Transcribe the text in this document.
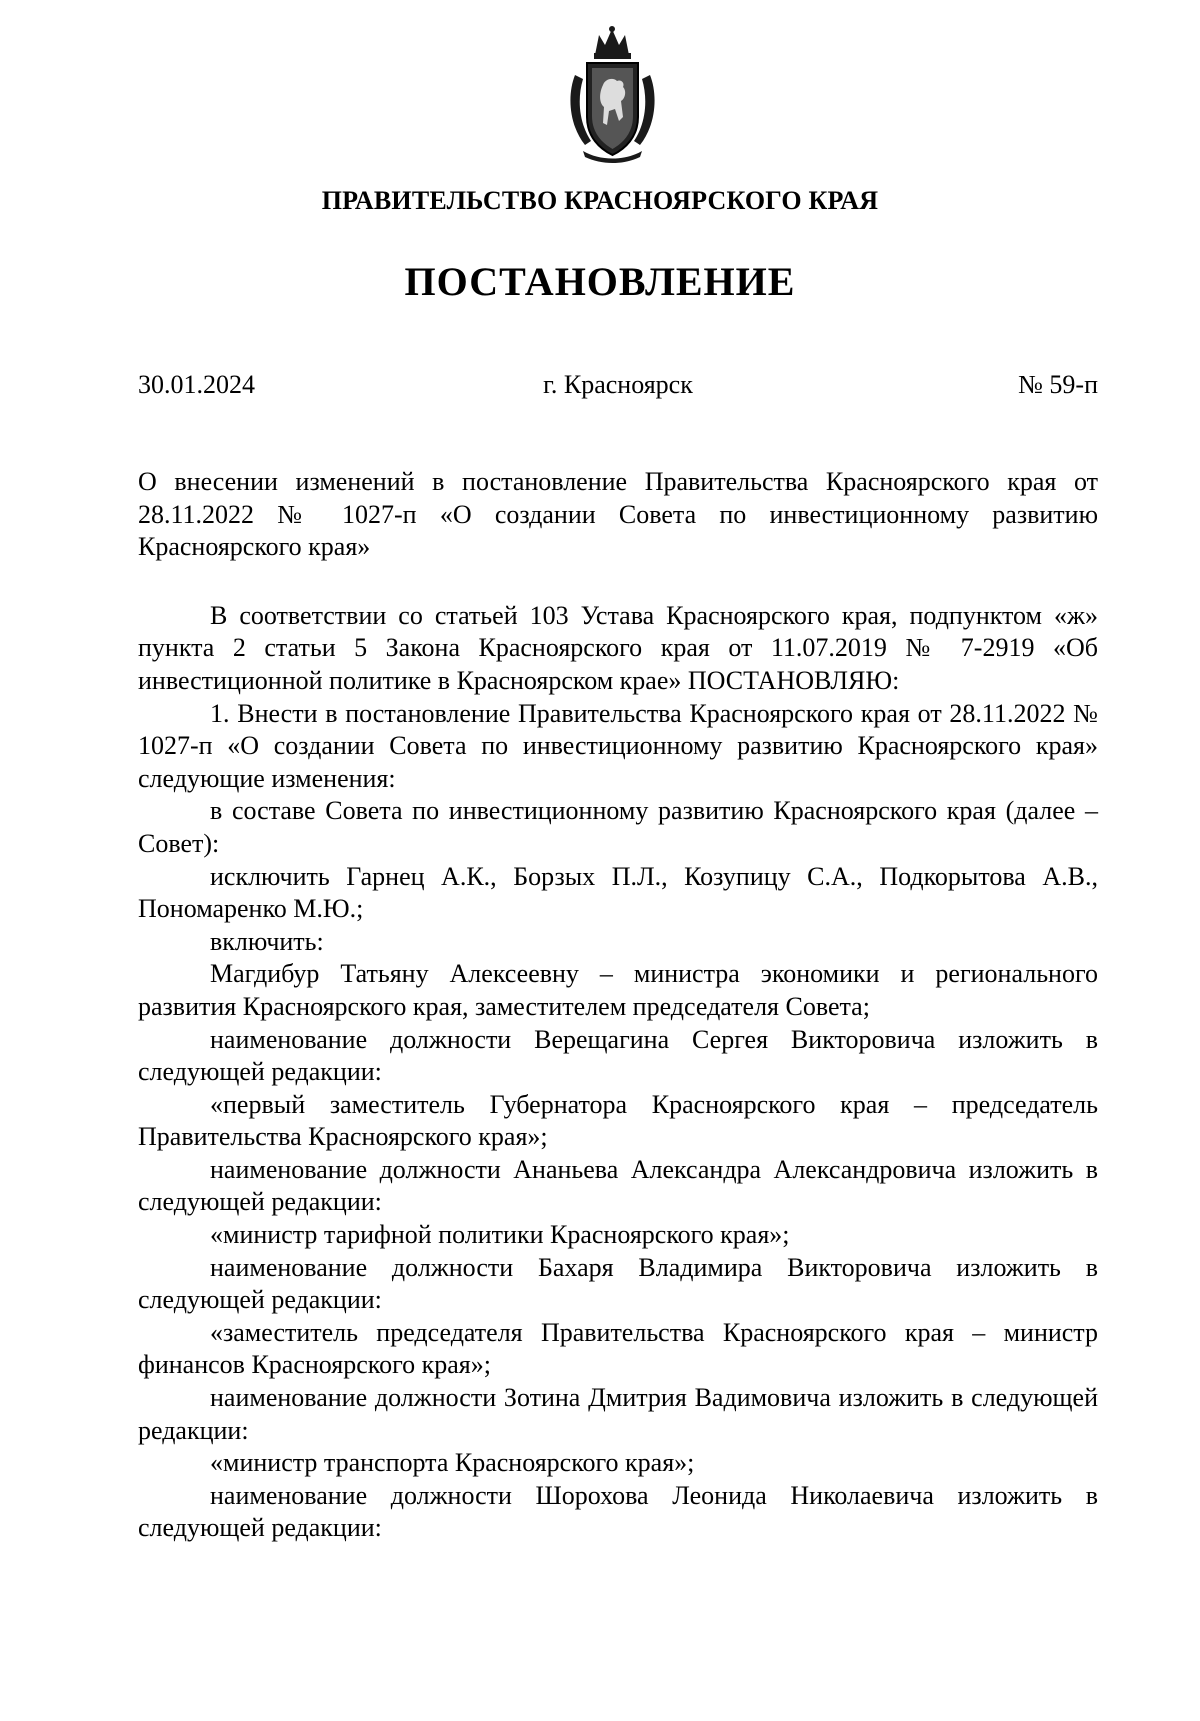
ПРАВИТЕЛЬСТВО КРАСНОЯРСКОГО КРАЯ
ПОСТАНОВЛЕНИЕ
30.01.2024	г. Красноярск	№ 59-п

О внесении изменений в постановление Правительства Красноярского края от 28.11.2022 № 1027-п «О создании Совета по инвестиционному развитию Красноярского края»

В соответствии со статьей 103 Устава Красноярского края, подпунктом «ж» пункта 2 статьи 5 Закона Красноярского края от 11.07.2019 № 7-2919 «Об инвестиционной политике в Красноярском крае» ПОСТАНОВЛЯЮ:

1. Внести в постановление Правительства Красноярского края от 28.11.2022 № 1027-п «О создании Совета по инвестиционному развитию Красноярского края» следующие изменения:

в составе Совета по инвестиционному развитию Красноярского края (далее – Совет):

исключить Гарнец А.К., Борзых П.Л., Козупицу С.А., Подкорытова А.В., Пономаренко М.Ю.;

включить:

Магдибур Татьяну Алексеевну – министра экономики и регионального развития Красноярского края, заместителем председателя Совета;

наименование должности Верещагина Сергея Викторовича изложить в следующей редакции:

«первый заместитель Губернатора Красноярского края – председатель Правительства Красноярского края»;

наименование должности Ананьева Александра Александровича изложить в следующей редакции:

«министр тарифной политики Красноярского края»;

наименование должности Бахаря Владимира Викторовича изложить в следующей редакции:

«заместитель председателя Правительства Красноярского края – министр финансов Красноярского края»;

наименование должности Зотина Дмитрия Вадимовича изложить в следующей редакции:

«министр транспорта Красноярского края»;

наименование должности Шорохова Леонида Николаевича изложить в следующей редакции:
